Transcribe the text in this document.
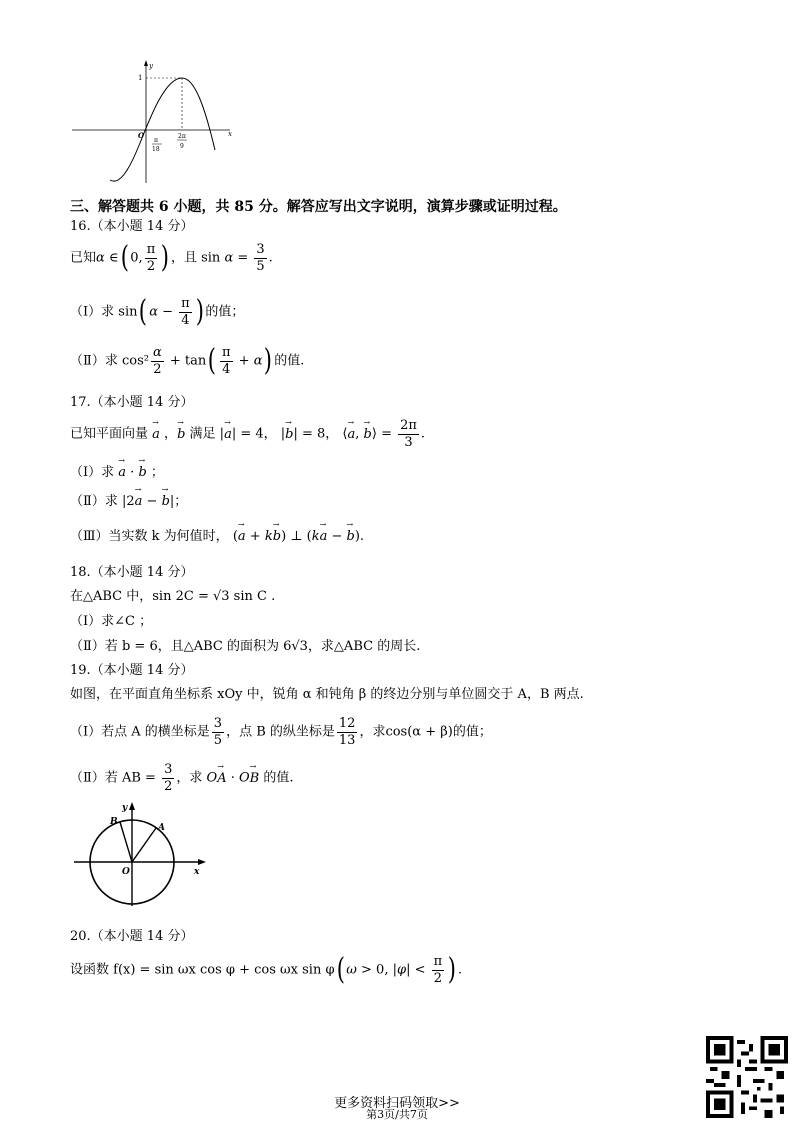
y
1
O	x
π
18
2π
9
三、解答题共 6 小题，共 85 分。解答应写出文字说明，演算步骤或证明过程。
16.（本小题 14 分）
已知α ∈( 0, $\frac{\pi}{2}$ ) ，且 $\sin \alpha = \frac{3}{5}$ .
（Ⅰ）求 sin( $\alpha - \frac{\pi}{4}$ ) 的值；
（Ⅱ）求 $\cos^2 \frac{\alpha}{2} + \tan( \frac{\pi}{4} + \alpha)$ 的值.
17.（本小题 14 分）
已知平面向量 → a ，→ b 满足 |→ a| = 4， |→ b| = 8， ⟨→ a, → b⟩ = $\frac{2\pi}{3}$ .
（Ⅰ）求 → a · → b ；
（Ⅱ）求 |2→ a − → b|；
（Ⅲ）当实数 k 为何值时， (→ a + k→ b) ⊥ (k→ a − → b).
18.（本小题 14 分）
在△ABC 中，sin 2C = √3 sin C .
（Ⅰ）求∠C ；
（Ⅱ）若 b = 6，且△ABC 的面积为 6√3，求△ABC 的周长.
19.（本小题 14 分）
如图，在平面直角坐标系 xOy 中，锐角 α 和钝角 β 的终边分别与单位圆交于 A，B 两点.
（Ⅰ）若点 A 的横坐标是 $\frac{3}{5}$ ，点 B 的纵坐标是 $\frac{12}{13}$ ，求cos(α + β)的值；
（Ⅱ）若 AB = $\frac{3}{2}$ ，求 O→ A · O→ B 的值.
y
B
A
O	x
20.（本小题 14 分）
设函数 f(x) = sin ωx cos φ + cos ωx sin φ( ω > 0, $|\varphi| < \frac{\pi}{2}$ ) .
更多资料扫码领取>>
第3页/共7页
